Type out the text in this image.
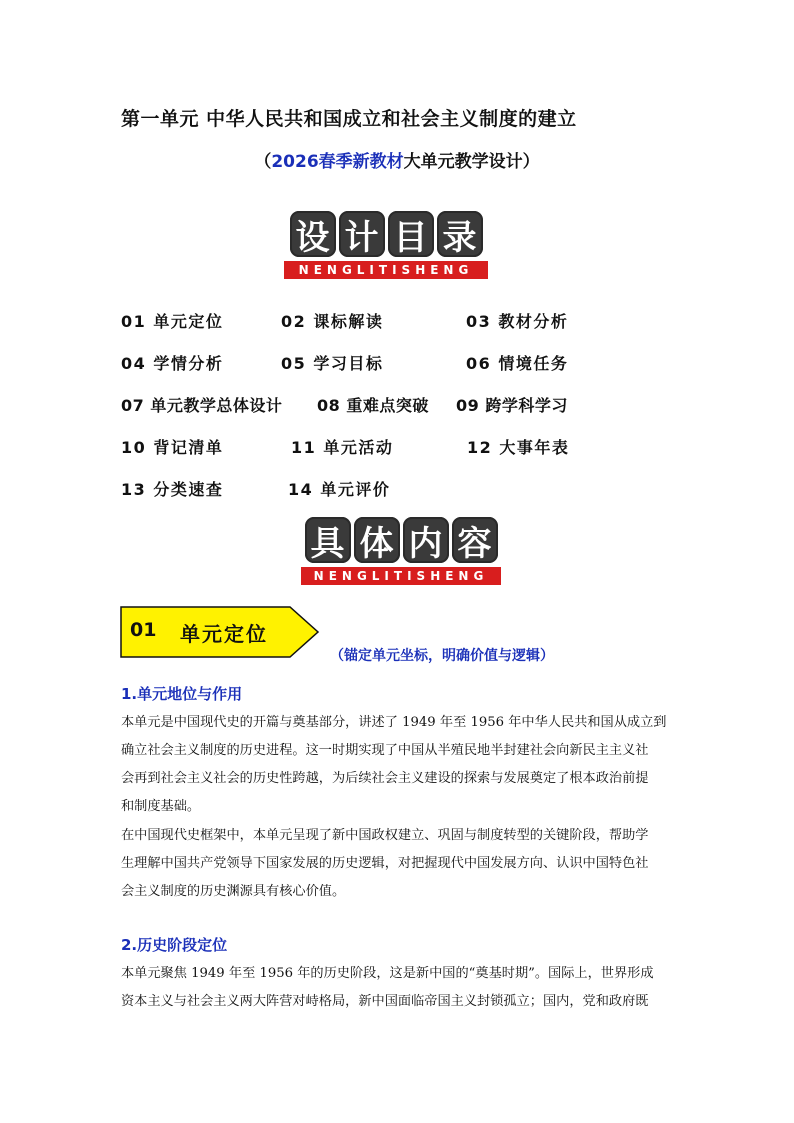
第一单元 中华人民共和国成立和社会主义制度的建立
（2026春季新教材大单元教学设计）
设 计 目 录
NENGLITISHENG
01 单元定位	02 课标解读	03 教材分析
04 学情分析	05 学习目标	06 情境任务
07 单元教学总体设计 08 重难点突破 09 跨学科学习
10 背记清单	11 单元活动	12 大事年表
13 分类速查	14 单元评价
具 体 内 容
NENGLITISHENG
01 单元定位
（锚定单元坐标，明确价值与逻辑）
1.单元地位与作用
本单元是中国现代史的开篇与奠基部分，讲述了 1949 年至 1956 年中华人民共和国从成立到
确立社会主义制度的历史进程。这一时期实现了中国从半殖民地半封建社会向新民主主义社
会再到社会主义社会的历史性跨越，为后续社会主义建设的探索与发展奠定了根本政治前提
和制度基础。
在中国现代史框架中，本单元呈现了新中国政权建立、巩固与制度转型的关键阶段，帮助学
生理解中国共产党领导下国家发展的历史逻辑，对把握现代中国发展方向、认识中国特色社
会主义制度的历史渊源具有核心价值。
2.历史阶段定位
本单元聚焦 1949 年至 1956 年的历史阶段，这是新中国的“奠基时期”。国际上，世界形成
资本主义与社会主义两大阵营对峙格局，新中国面临帝国主义封锁孤立；国内，党和政府既
